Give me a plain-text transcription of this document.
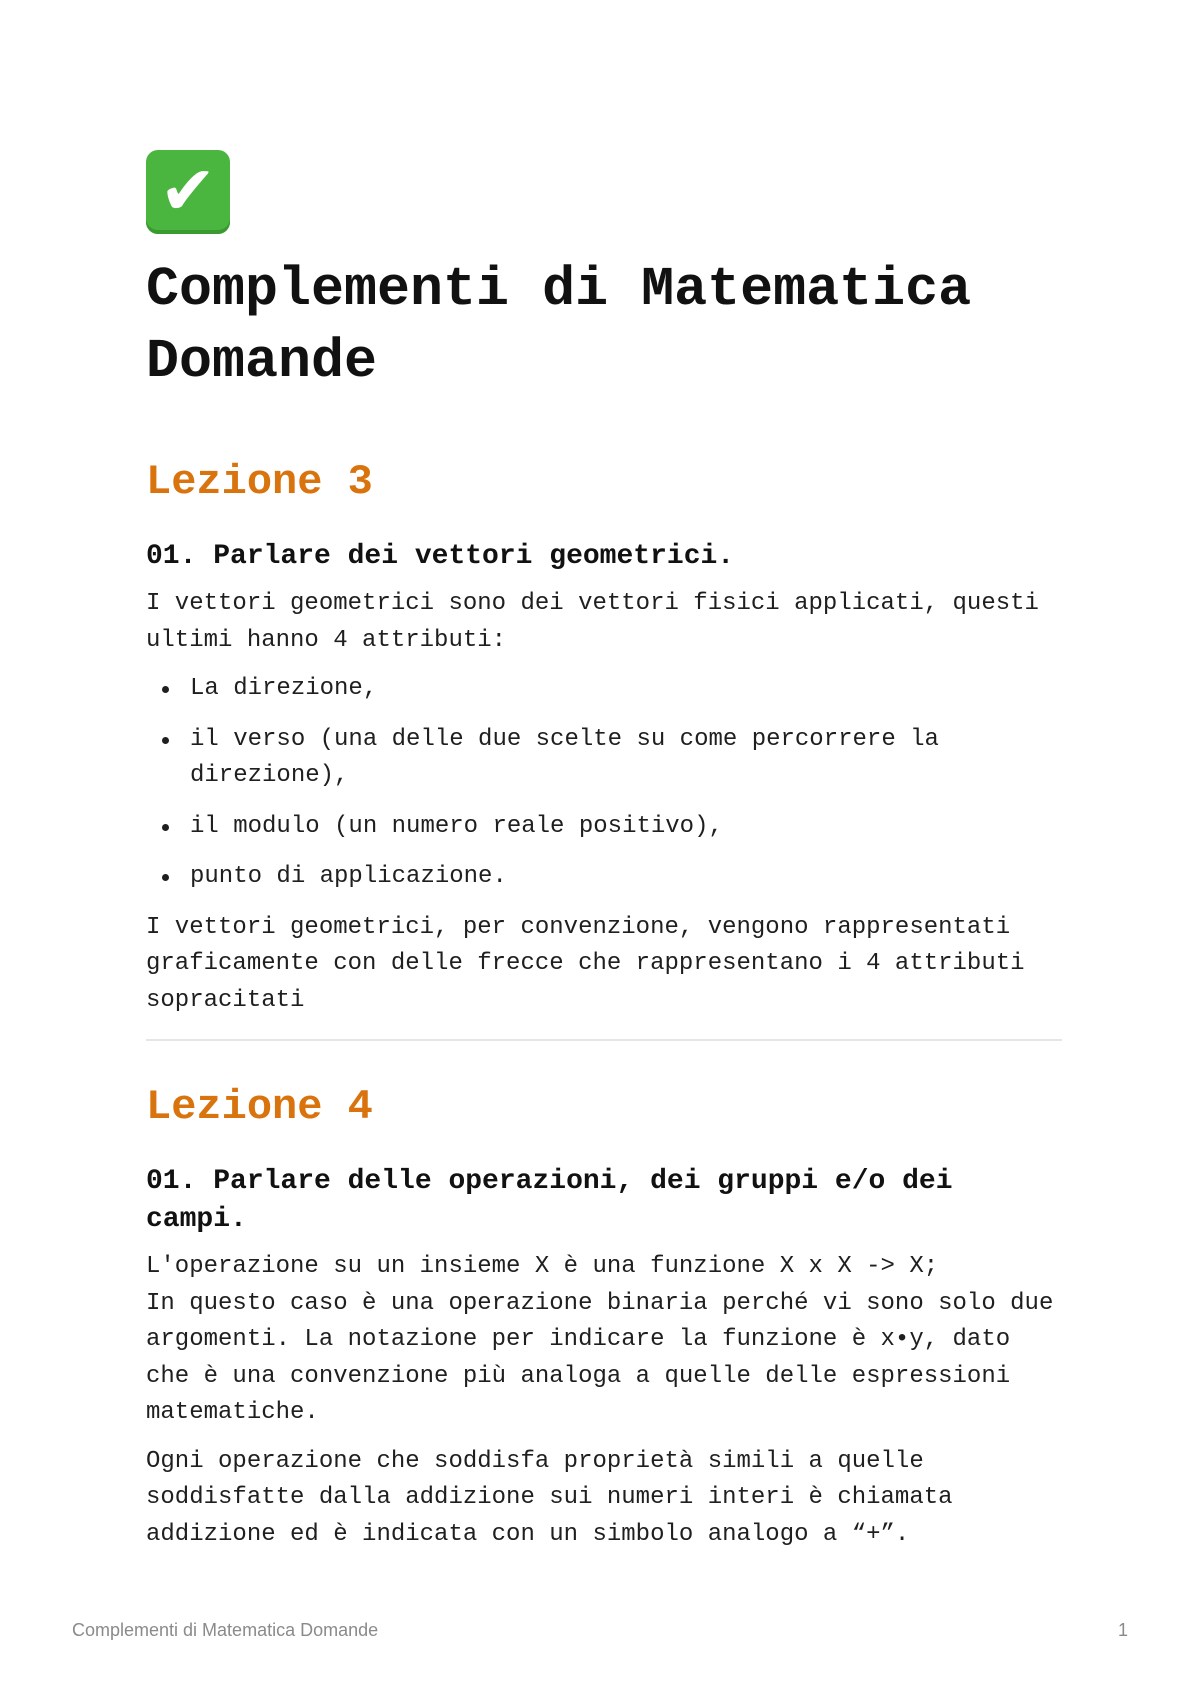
✔
Complementi di Matematica Domande
Lezione 3
01. Parlare dei vettori geometrici.

I vettori geometrici sono dei vettori fisici applicati, questi ultimi hanno 4 attributi:

La direzione,
il verso (una delle due scelte su come percorrere la direzione),
il modulo (un numero reale positivo),
punto di applicazione.

I vettori geometrici, per convenzione, vengono rappresentati graficamente con delle frecce che rappresentano i 4 attributi sopracitati

Lezione 4
01. Parlare delle operazioni, dei gruppi e/o dei campi.

L'operazione su un insieme X è una funzione X x X -> X;
In questo caso è una operazione binaria perché vi sono solo due argomenti. La notazione per indicare la funzione è x•y, dato che è una convenzione più analoga a quelle delle espressioni matematiche.

Ogni operazione che soddisfa proprietà simili a quelle soddisfatte dalla addizione sui numeri interi è chiamata addizione ed è indicata con un simbolo analogo a “+”.

Complementi di Matematica Domande	1
